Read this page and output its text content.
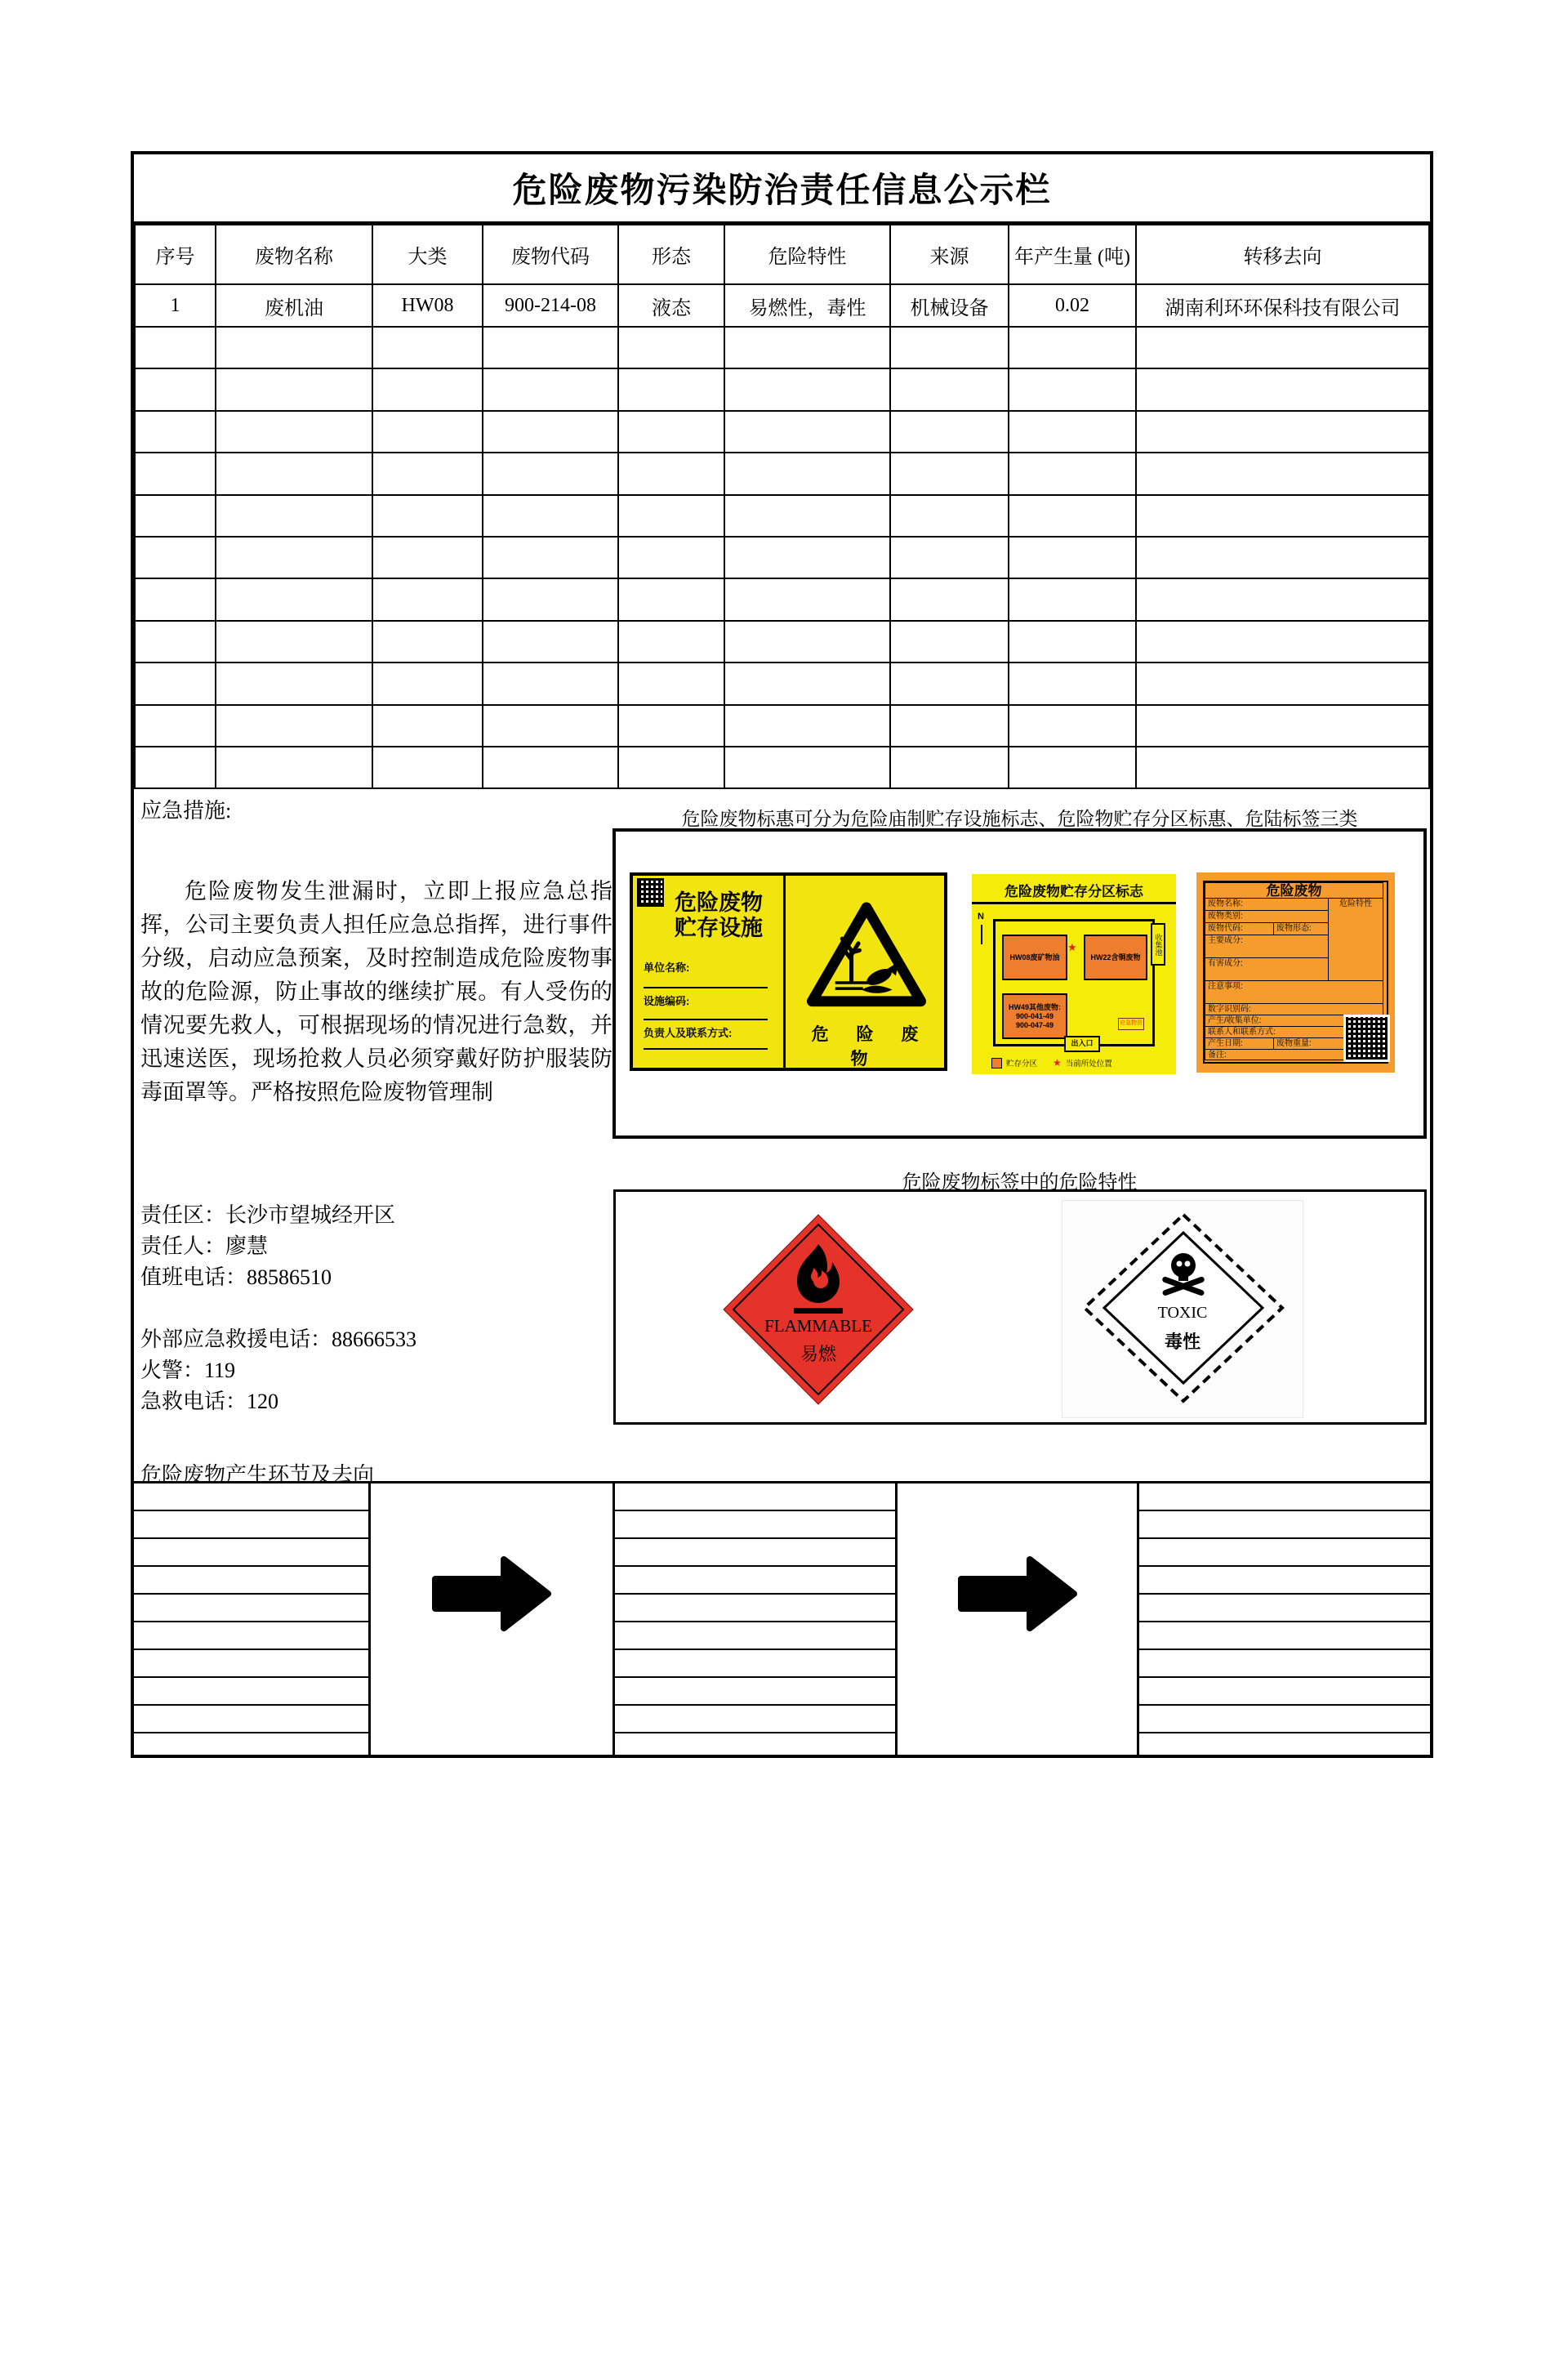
危险废物污染防治责任信息公示栏
序号	废物名称	大类	废物代码	形态	危险特性	来源	年产生量 (吨)	转移去向
1	废机油	HW08	900-214-08	液态	易燃性，毒性	机械设备	0.02	湖南利环环保科技有限公司

应急措施:	危险废物标惠可分为危险庙制贮存设施标志、危险物贮存分区标惠、危陆标签三类
危险废物发生泄漏时，立即上报应急总指挥，公司主要负责人担任应急总指挥，进行事件分级，启动应急预案，及时控制造成危险废物事故的危险源，防止事故的继续扩展。有人受伤的情况要先救人，可根据现场的情况进行急数，并迅速送医，现场抢救人员必须穿戴好防护服装防毒面罩等。严格按照危险废物管理制
危险废物
贮存设施
单位名称:
设施编码:
负责人及联系方式:	危 险 废 物
危险废物贮存分区标志
N
HW08废矿物油
★
HW22含铜废物
HW49其他废物:
900-041-49
900-047-49
收集池
应急物资
出入口
贮存分区 ★ 当前所处位置
危险废物
废物名称:	危险特性
废物类别:
废物代码:	废物形态:
主要成分:
有害成分:
注意事项:
数字识别码:
产生/收集单位:
联系人和联系方式:
产生日期:	废物重量:
备注:
危险废物标签中的危险特性
FLAMMABLE
易燃
TOXIC
毒性
责任区：长沙市望城经开区
责任人：廖慧
值班电话：88586510
外部应急救援电话：88666533
火警：119
急救电话：120
危险废物产生环节及去向
